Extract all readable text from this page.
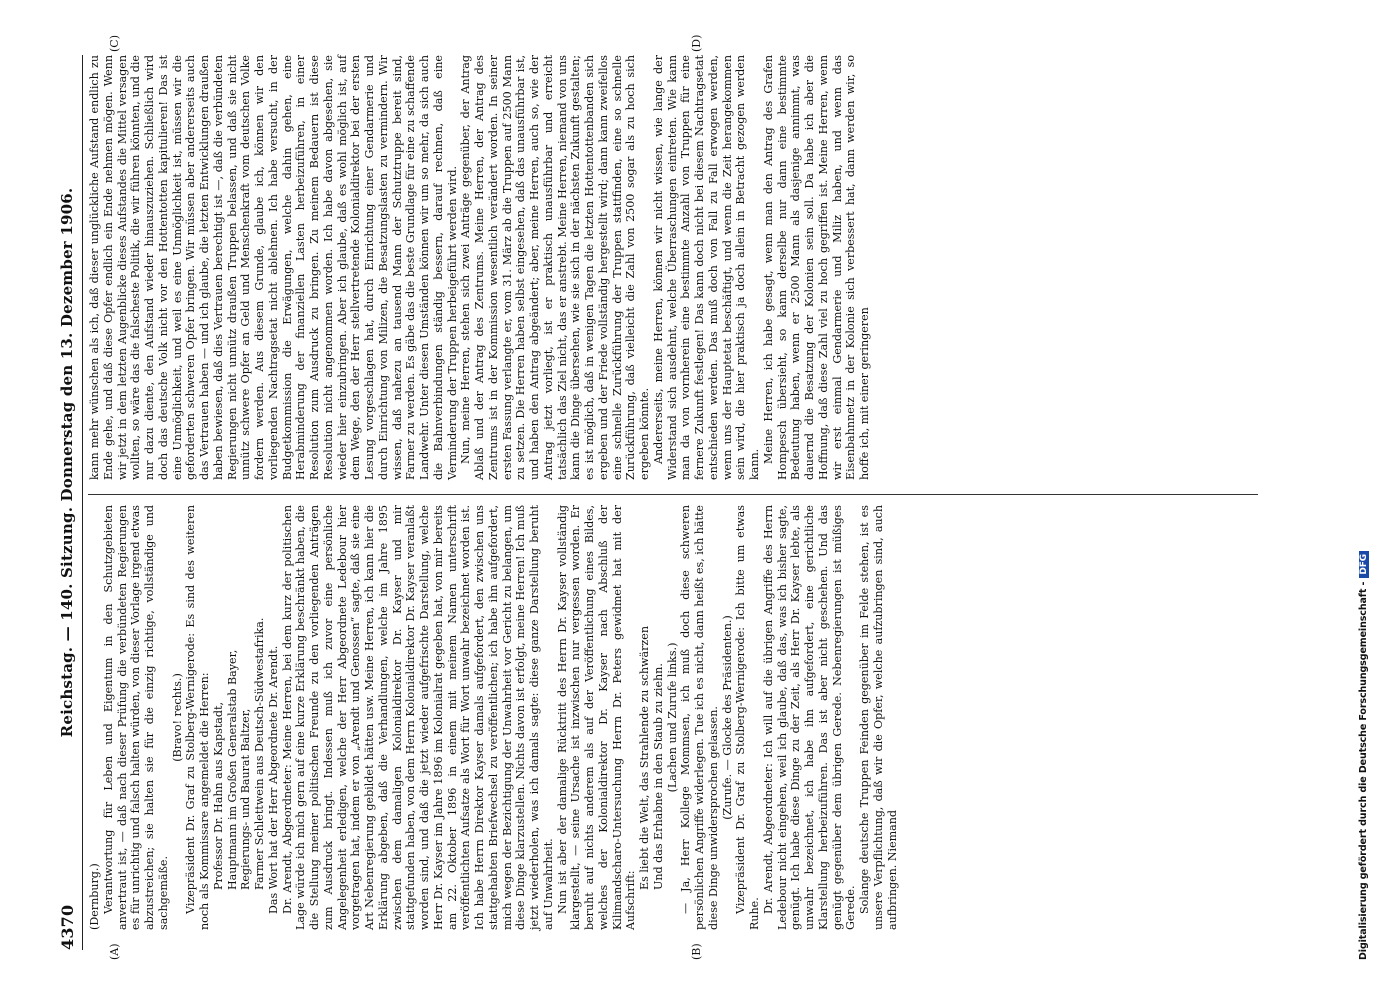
4370
Reichstag. — 140. Sitzung. Donnerstag den 13. Dezember 1906.
(A)	(B)
(C)	(D)

(Dernburg.) Verantwortung für Leben und Eigentum in den Schutzgebieten anvertraut ist, — daß nach dieser Prüfung die verbündeten Regierungen es für unrichtig und falsch halten würden, von dieser Vorlage irgend etwas abzustreichen; sie halten sie für die einzig richtige, vollständige und sachgemäße.

(Bravo! rechts.) Vizepräsident Dr. Graf zu Stolberg-Wernigerode: Es sind des weiteren noch als Kommissare angemeldet die Herren: Professor Dr. Hahn aus Kapstadt, Hauptmann im Großen Generalstab Bayer, Regierungs- und Baurat Baltzer, Farmer Schlettwein aus Deutsch-Südwestafrika. Das Wort hat der Herr Abgeordnete Dr. Arendt. Dr. Arendt, Abgeordneter: Meine Herren, bei dem kurz der politischen Lage würde ich mich gern auf eine kurze Erklärung beschränkt haben, die die Stellung meiner politischen Freunde zu den vorliegenden Anträgen zum Ausdruck bringt. Indessen muß ich zuvor eine persönliche Angelegenheit erledigen, welche der Herr Abgeordnete Ledebour hier vorgetragen hat, indem er von „Arendt und Genossen“ sagte, daß sie eine Art Nebenregierung gebildet hätten usw. Meine Herren, ich kann hier die Erklärung abgeben, daß die Verhandlungen, welche im Jahre 1895 zwischen dem damaligen Kolonialdirektor Dr. Kayser und mir stattgefunden haben, von dem Herrn Kolonialdirektor Dr. Kayser veranlaßt worden sind, und daß die jetzt wieder aufgefrischte Darstellung, welche Herr Dr. Kayser im Jahre 1896 im Kolonialrat gegeben hat, von mir bereits am 22. Oktober 1896 in einem mit meinem Namen unterschrift veröffentlichten Aufsatze als Wort für Wort unwahr bezeichnet worden ist. Ich habe Herrn Direktor Kayser damals aufgefordert, den zwischen uns stattgehabten Briefwechsel zu veröffentlichen; ich habe ihn aufgefordert, mich wegen der Bezichtigung der Unwahrheit vor Gericht zu belangen, um diese Dinge klarzustellen. Nichts davon ist erfolgt, meine Herren! Ich muß jetzt wiederholen, was ich damals sagte: diese ganze Darstellung beruht auf Unwahrheit. Nun ist aber der damalige Rücktritt des Herrn Dr. Kayser vollständig klargestellt, — seine Ursache ist inzwischen nur vergessen worden. Er beruht auf nichts anderem als auf der Veröffentlichung eines Bildes, welches der Kolonialdirektor Dr. Kayser nach Abschluß der Kilimandscharo-Untersuchung Herrn Dr. Peters gewidmet hat mit der Aufschrift:

Es liebt die Welt, das Strahlende zu schwärzen Und das Erhabne in den Staub zu ziehn. (Lachen und Zurufe links.) — Ja, Herr Kollege Mommsen, ich muß doch diese schweren persönlichen Angriffe widerlegen. Tue ich es nicht, dann heißt es, ich hätte diese Dinge unwidersprochen gelassen. (Zurufe. — Glocke des Präsidenten.) Vizepräsident Dr. Graf zu Stolberg-Wernigerode: Ich bitte um etwas Ruhe. Dr. Arendt, Abgeordneter: Ich will auf die übrigen Angriffe des Herrn Ledebour nicht eingehen, weil ich glaube, daß das, was ich bisher sagte, genügt. Ich habe diese Dinge zu der Zeit, als Herr Dr. Kayser lebte, als unwahr bezeichnet, ich habe ihn aufgefordert, eine gerichtliche Klarstellung herbeizuführen. Das ist aber nicht geschehen. Und das genügt gegenüber dem übrigen Gerede. Nebenregierungen ist müßiges Gerede. Solange deutsche Truppen Feinden gegenüber im Felde stehen, ist es unsere Verpflichtung, daß wir die Opfer, welche aufzubringen sind, auch aufbringen. Niemand

kann mehr wünschen als ich, daß dieser unglückliche Aufstand endlich zu Ende gehe, und daß diese Opfer endlich ein Ende nehmen mögen. Wenn wir jetzt in dem letzten Augenblicke dieses Aufstandes die Mittel versagen wollten, so wäre das die falscheste Politik, die wir führen könnten, und die nur dazu diente, den Aufstand wieder hinauszuziehen. Schließlich wird doch das deutsche Volk nicht vor den Hottentotten kapitulieren! Das ist eine Unmöglichkeit, und weil es eine Unmöglichkeit ist, müssen wir die geforderten schweren Opfer bringen. Wir müssen aber andererseits auch das Vertrauen haben — und ich glaube, die letzten Entwicklungen draußen haben bewiesen, daß dies Vertrauen berechtigt ist —, daß die verbündeten Regierungen nicht unnütz draußen Truppen belassen, und daß sie nicht unnütz schwere Opfer an Geld und Menschenkraft vom deutschen Volke fordern werden. Aus diesem Grunde, glaube ich, können wir den vorliegenden Nachtragsetat nicht ablehnen. Ich habe versucht, in der Budgetkommission die Erwägungen, welche dahin gehen, eine Herabminderung der finanziellen Lasten herbeizuführen, in einer Resolution zum Ausdruck zu bringen. Zu meinem Bedauern ist diese Resolution nicht angenommen worden. Ich habe davon abgesehen, sie wieder hier einzubringen. Aber ich glaube, daß es wohl möglich ist, auf dem Wege, den der Herr stellvertretende Kolonialdirektor bei der ersten Lesung vorgeschlagen hat, durch Einrichtung einer Gendarmerie und durch Einrichtung von Milizen, die Besatzungslasten zu vermindern. Wir wissen, daß nahezu an tausend Mann der Schutztruppe bereit sind, Farmer zu werden. Es gäbe das die beste Grundlage für eine zu schaffende Landwehr. Unter diesen Umständen können wir um so mehr, da sich auch die Bahnverbindungen ständig bessern, darauf rechnen, daß eine Verminderung der Truppen herbeigeführt werden wird. Nun, meine Herren, stehen sich zwei Anträge gegenüber, der Antrag Ablaß und der Antrag des Zentrums. Meine Herren, der Antrag des Zentrums ist in der Kommission wesentlich verändert worden. In seiner ersten Fassung verlangte er, vom 31. März ab die Truppen auf 2500 Mann zu setzen. Die Herren haben selbst eingesehen, daß das unausführbar ist, und haben den Antrag abgeändert; aber, meine Herren, auch so, wie der Antrag jetzt vorliegt, ist er praktisch unausführbar und erreicht tatsächlich das Ziel nicht, das er anstrebt. Meine Herren, niemand von uns kann die Dinge übersehen, wie sie sich in der nächsten Zukunft gestalten; es ist möglich, daß in wenigen Tagen die letzten Hottentottenbanden sich ergeben und der Friede vollständig hergestellt wird; dann kann zweifellos eine schnelle Zurückführung der Truppen stattfinden, eine so schnelle Zurückführung, daß vielleicht die Zahl von 2500 sogar als zu hoch sich ergeben könnte. Andererseits, meine Herren, können wir nicht wissen, wie lange der Widerstand sich ausdehnt, welche Überraschungen eintreten. Wie kann man da von vornherein eine bestimmte Anzahl von Truppen für eine fernere Zukunft festlegen! Das kann doch nicht bei diesem Nachtragsetat entschieden werden. Das muß doch von Fall zu Fall erwogen werden, wenn uns der Hauptetat beschäftigt, und wenn die Zeit herangekommen sein wird, die hier praktisch ja doch allein in Betracht gezogen werden kann.

Meine Herren, ich habe gesagt, wenn man den Antrag des Grafen Hompesch übersieht, so kann derselbe nur dann eine bestimmte Bedeutung haben, wenn er 2500 Mann als dasjenige annimmt, was dauernd die Besatzung der Kolonien sein soll. Da habe ich aber die Hoffnung, daß diese Zahl viel zu hoch gegriffen ist. Meine Herren, wenn wir erst einmal Gendarmerie und Miliz haben, und wenn das Eisenbahnnetz in der Kolonie sich verbessert hat, dann werden wir, so hoffe ich, mit einer geringeren

Digitalisierung gefördert durch die Deutsche Forschungsgemeinschaft -DFG
